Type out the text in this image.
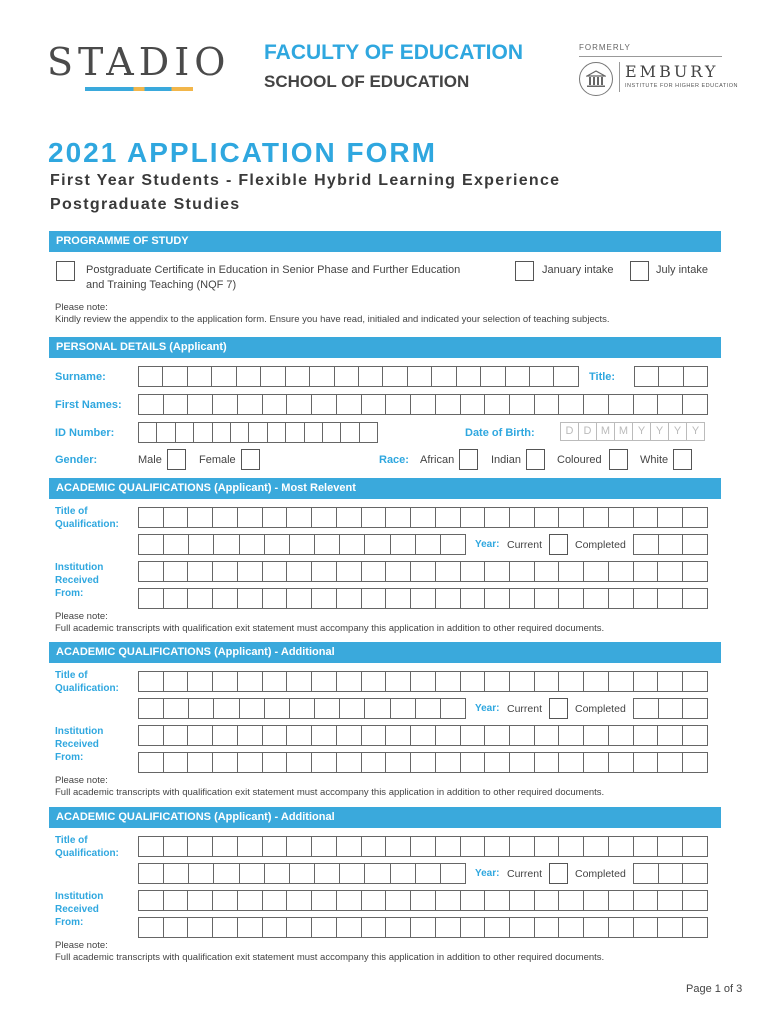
STADIO FACULTY OF EDUCATION
SCHOOL OF EDUCATION
FORMERLY
EMBURY
INSTITUTE FOR HIGHER EDUCATION
2021 APPLICATION FORM
First Year Students - Flexible Hybrid Learning Experience
Postgraduate Studies
PROGRAMME OF STUDY
Postgraduate Certificate in Education in Senior Phase and Further Education
and Training Teaching (NQF 7)
January intake	July intake
Please note:
Kindly review the appendix to the application form. Ensure you have read, initialed and indicated your selection of teaching subjects.
PERSONAL DETAILS (Applicant)
Surname:	Title:
First Names:
ID Number:	Date of Birth:	D D M M Y Y Y Y
Gender:	Male	Female	Race: African	Indian	Coloured	White
ACADEMIC QUALIFICATIONS (Applicant) - Most Relevent
Title of
Qualification:
Year: Current	Completed
Institution
Received
From:
Please note:
Full academic transcripts with qualification exit statement must accompany this application in addition to other required documents.
ACADEMIC QUALIFICATIONS (Applicant) - Additional
Title of
Qualification:
Year: Current	Completed
Institution
Received
From:
Please note:
Full academic transcripts with qualification exit statement must accompany this application in addition to other required documents.
ACADEMIC QUALIFICATIONS (Applicant) - Additional
Title of
Qualification:
Year: Current	Completed
Institution
Received
From:
Please note:
Full academic transcripts with qualification exit statement must accompany this application in addition to other required documents.
Page 1 of 3
